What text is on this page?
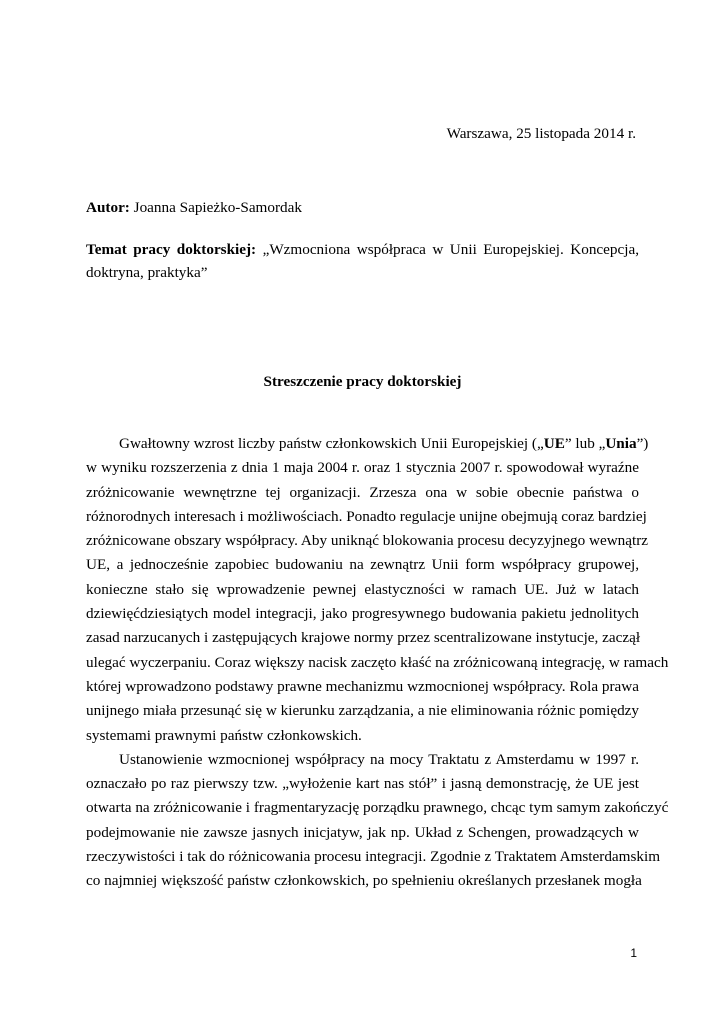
Warszawa, 25 listopada 2014 r.
Autor: Joanna Sapieżko-Samordak
Temat pracy doktorskiej: „Wzmocniona współpraca w Unii Europejskiej. Koncepcja,
doktryna, praktyka”
Streszczenie pracy doktorskiej
Gwałtowny wzrost liczby państw członkowskich Unii Europejskiej („UE” lub „Unia”)
w wyniku rozszerzenia z dnia 1 maja 2004 r. oraz 1 stycznia 2007 r. spowodował wyraźne
zróżnicowanie wewnętrzne tej organizacji. Zrzesza ona w sobie obecnie państwa o
różnorodnych interesach i możliwościach. Ponadto regulacje unijne obejmują coraz bardziej
zróżnicowane obszary współpracy. Aby uniknąć blokowania procesu decyzyjnego wewnątrz
UE, a jednocześnie zapobiec budowaniu na zewnątrz Unii form współpracy grupowej,
konieczne stało się wprowadzenie pewnej elastyczności w ramach UE. Już w latach
dziewięćdziesiątych model integracji, jako progresywnego budowania pakietu jednolitych
zasad narzucanych i zastępujących krajowe normy przez scentralizowane instytucje, zaczął
ulegać wyczerpaniu. Coraz większy nacisk zaczęto kłaść na zróżnicowaną integrację, w ramach
której wprowadzono podstawy prawne mechanizmu wzmocnionej współpracy. Rola prawa
unijnego miała przesunąć się w kierunku zarządzania, a nie eliminowania różnic pomiędzy
systemami prawnymi państw członkowskich.
Ustanowienie wzmocnionej współpracy na mocy Traktatu z Amsterdamu w 1997 r.
oznaczało po raz pierwszy tzw. „wyłożenie kart nas stół” i jasną demonstrację, że UE jest
otwarta na zróżnicowanie i fragmentaryzację porządku prawnego, chcąc tym samym zakończyć
podejmowanie nie zawsze jasnych inicjatyw, jak np. Układ z Schengen, prowadzących w
rzeczywistości i tak do różnicowania procesu integracji. Zgodnie z Traktatem Amsterdamskim
co najmniej większość państw członkowskich, po spełnieniu określanych przesłanek mogła
1
